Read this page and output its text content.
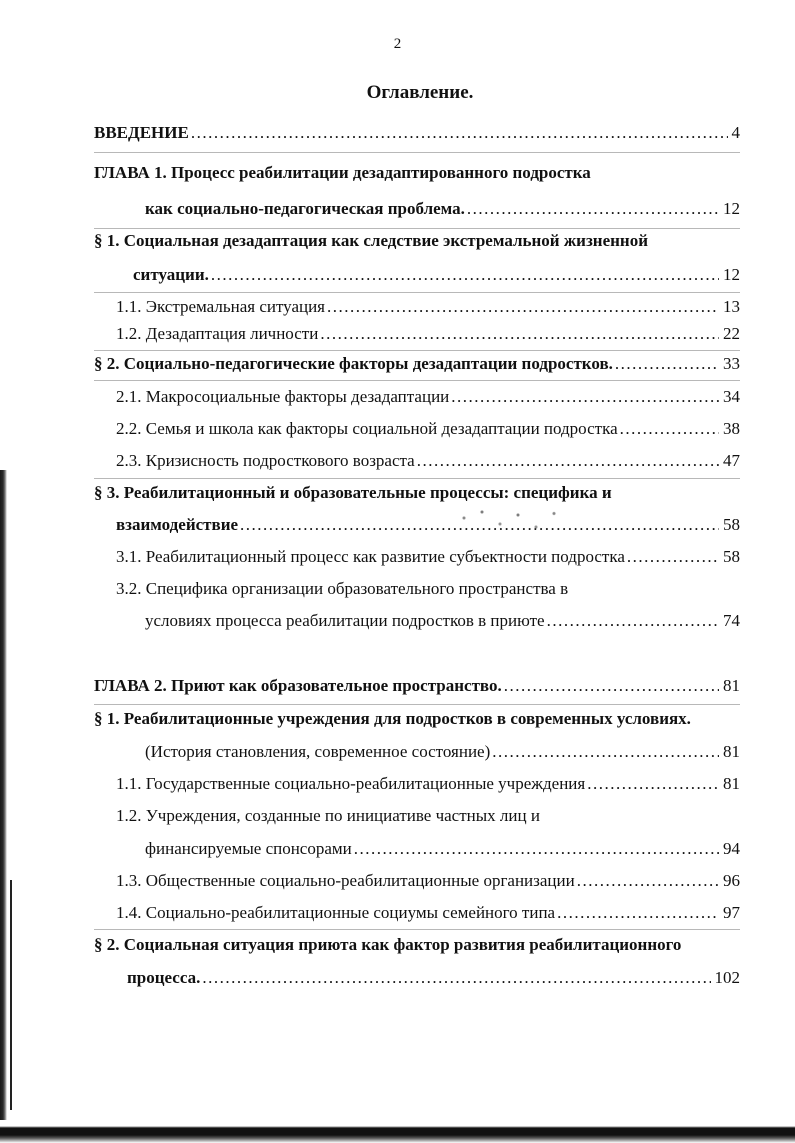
2
Оглавление.
ВВЕДЕНИЕ .....	4
ГЛАВА 1. Процесс реабилитации дезадаптированного подростка
как социально-педагогическая проблема. .....	12
§ 1. Социальная дезадаптация как следствие экстремальной жизненной
ситуации. .....	12
1.1. Экстремальная ситуация .....	13
1.2. Дезадаптация личности .....	22
§ 2. Социально-педагогические факторы дезадаптации подростков. .....	33
2.1. Макросоциальные факторы дезадаптации .....	34
2.2. Семья и школа как факторы социальной дезадаптации подростка .....	38
2.3. Кризисность подросткового возраста .....	47
§ 3. Реабилитационный и образовательные процессы: специфика и
взаимодействие .....	58
3.1. Реабилитационный процесс как развитие субъектности подростка .....	58
3.2. Специфика организации образовательного пространства в
условиях процесса реабилитации подростков в приюте .....	74
ГЛАВА 2. Приют как образовательное пространство. .....	81
§ 1. Реабилитационные учреждения для подростков в современных условиях.
(История становления, современное состояние) .....	81
1.1. Государственные социально-реабилитационные учреждения .....	81
1.2. Учреждения, созданные по инициативе частных лиц и
финансируемые спонсорами .....	94
1.3. Общественные социально-реабилитационные организации .....	96
1.4. Социально-реабилитационные социумы семейного типа .....	97
§ 2. Социальная ситуация приюта как фактор развития реабилитационного
процесса. .....	102
